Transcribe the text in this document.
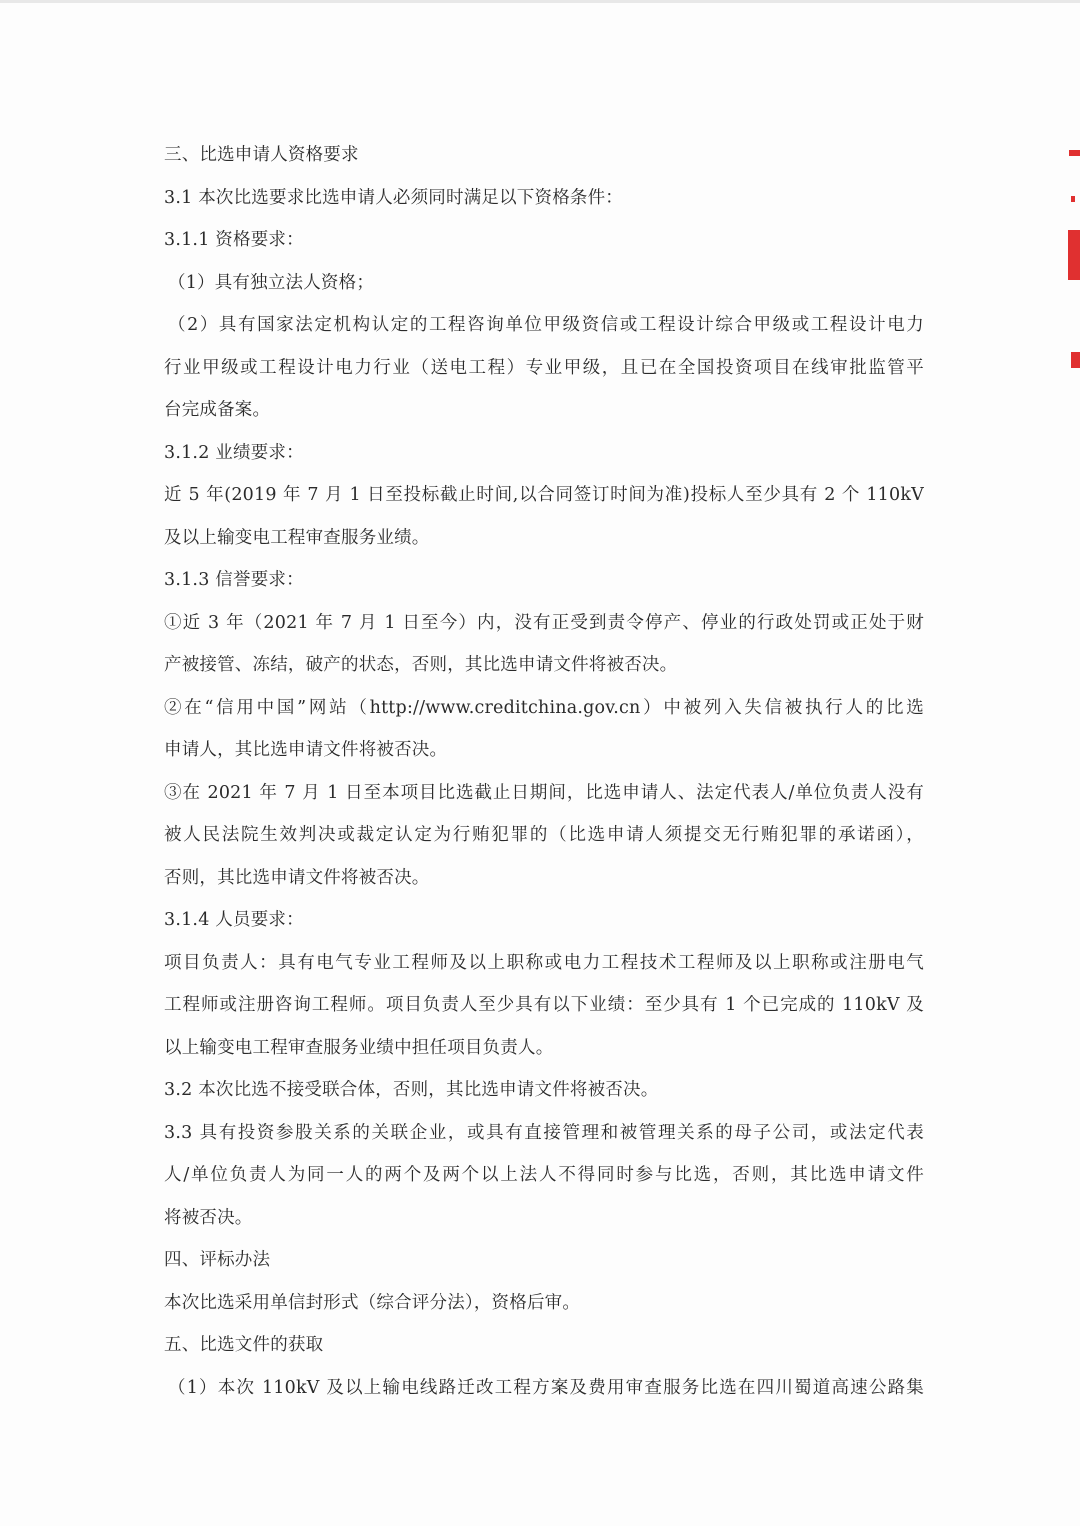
三、比选申请人资格要求
3.1 本次比选要求比选申请人必须同时满足以下资格条件：
3.1.1 资格要求：
（1）具有独立法人资格；
（2）具有国家法定机构认定的工程咨询单位甲级资信或工程设计综合甲级或工程设计电力
行业甲级或工程设计电力行业（送电工程）专业甲级，且已在全国投资项目在线审批监管平
台完成备案。
3.1.2 业绩要求：
近 5 年(2019 年 7 月 1 日至投标截止时间,以合同签订时间为准)投标人至少具有 2 个 110kV
及以上输变电工程审查服务业绩。
3.1.3 信誉要求：
①近 3 年（2021 年 7 月 1 日至今）内，没有正受到责令停产、停业的行政处罚或正处于财
产被接管、冻结，破产的状态，否则，其比选申请文件将被否决。
②在“信用中国”网站（http://www.creditchina.gov.cn）中被列入失信被执行人的比选
申请人，其比选申请文件将被否决。
③在 2021 年 7 月 1 日至本项目比选截止日期间，比选申请人、法定代表人/单位负责人没有
被人民法院生效判决或裁定认定为行贿犯罪的（比选申请人须提交无行贿犯罪的承诺函），
否则，其比选申请文件将被否决。
3.1.4 人员要求：
项目负责人：具有电气专业工程师及以上职称或电力工程技术工程师及以上职称或注册电气
工程师或注册咨询工程师。项目负责人至少具有以下业绩：至少具有 1 个已完成的 110kV 及
以上输变电工程审查服务业绩中担任项目负责人。
3.2 本次比选不接受联合体，否则，其比选申请文件将被否决。
3.3 具有投资参股关系的关联企业，或具有直接管理和被管理关系的母子公司，或法定代表
人/单位负责人为同一人的两个及两个以上法人不得同时参与比选，否则，其比选申请文件
将被否决。
四、评标办法
本次比选采用单信封形式（综合评分法），资格后审。
五、比选文件的获取
（1）本次 110kV 及以上输电线路迁改工程方案及费用审查服务比选在四川蜀道高速公路集
